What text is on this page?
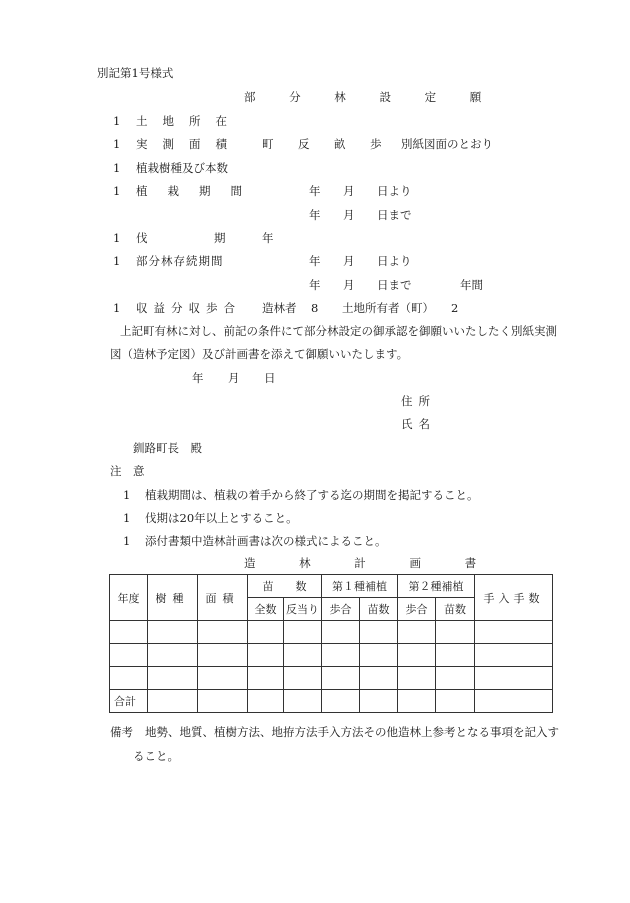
別記第1号様式
部 分 林 設 定 願
1 土地所在
1 実測面積 町 反 畝 歩 別紙図面のとおり
1 植栽樹種及び本数
1 植栽期間	年 月 日より
年 月 日まで
1 伐	期	年
1 部分林存続期間	年 月 日より
年 月 日まで	年間
1 収益分収歩合 造林者 8 土地所有者（町） 2
上記町有林に対し、前記の条件にて部分林設定の御承認を御願いいたしたく別紙実測
図（造林予定図）及び計画書を添えて御願いいたします。
年 月 日
住所
氏名
釧路町長　殿
注　意
1 植栽期間は、植栽の着手から終了する迄の期間を掲記すること。
1 伐期は20年以上とすること。
1 添付書類中造林計画書は次の様式によること。
造 林 計 画 書
年度	樹種	面積	苗　　数		第１種補植		第２種補植		手入手数
			全数	反当り	歩合	苗数	歩合	苗数	

合計									
備考 地勢、地質、植樹方法、地拵方法手入方法その他造林上参考となる事項を記入す
ること。
